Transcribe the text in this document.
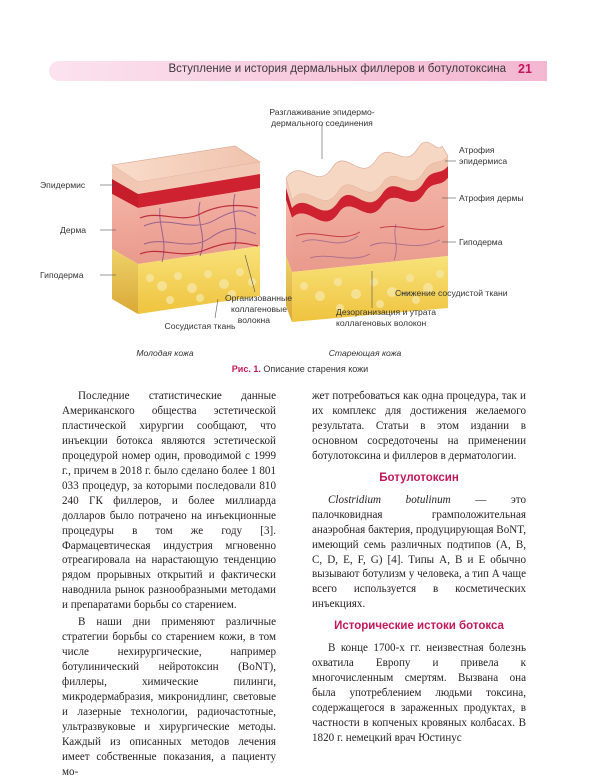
Вступление и история дермальных филлеров и ботулотоксина 21
Эпидермис
Дерма
Гиподерма
Организованные
коллагеновые
волокна
Сосудистая ткань
Разглаживание эпидермо-
дермального соединения
Атрофия
эпидермиса
Атрофия дермы
Гиподерма
Снижение сосудистой ткани
Дезорганизация и утрата
коллагеновых волокон
Молодая кожа	Стареющая кожа
Рис. 1. Описание старения кожи

Последние статистические данные Американского общества эстетической пластической хирургии сообщают, что инъекции ботокса являются эстетической процедурой номер один, проводимой с 1999 г., причем в 2018 г. было сделано более 1 801 033 процедур, за которыми последовали 810 240 ГК филлеров, и более миллиарда долларов было потрачено на инъекционные процедуры в том же году [3]. Фармацевтическая индустрия мгновенно отреагировала на нарастающую тенденцию рядом прорывных открытий и фактически наводнила рынок разнообразными методами и препаратами борьбы со старением.

В наши дни применяют различные стратегии борьбы со старением кожи, в том числе нехирургические, например ботулинический нейротоксин (BoNT), филлеры, химические пилинги, микродермабразия, микронидлинг, световые и лазерные технологии, радиочастотные, ультразвуковые и хирургические методы. Каждый из описанных методов лечения имеет собственные показания, а пациенту мо-

жет потребоваться как одна процедура, так и их комплекс для достижения желаемого результата. Статьи в этом издании в основном сосредоточены на применении ботулотоксина и филлеров в дерматологии.

Ботулотоксин

Clostridium botulinum — это палочковидная грамположительная анаэробная бактерия, продуцирующая BoNT, имеющий семь различных подтипов (A, B, C, D, E, F, G) [4]. Типы A, B и E обычно вызывают ботулизм у человека, а тип A чаще всего используется в косметических инъекциях.

Исторические истоки ботокса

В конце 1700-х гг. неизвестная болезнь охватила Европу и привела к многочисленным смертям. Вызвана она была употреблением людьми токсина, содержащегося в зараженных продуктах, в частности в копченых кровяных колбасах. В 1820 г. немецкий врач Юстинус
